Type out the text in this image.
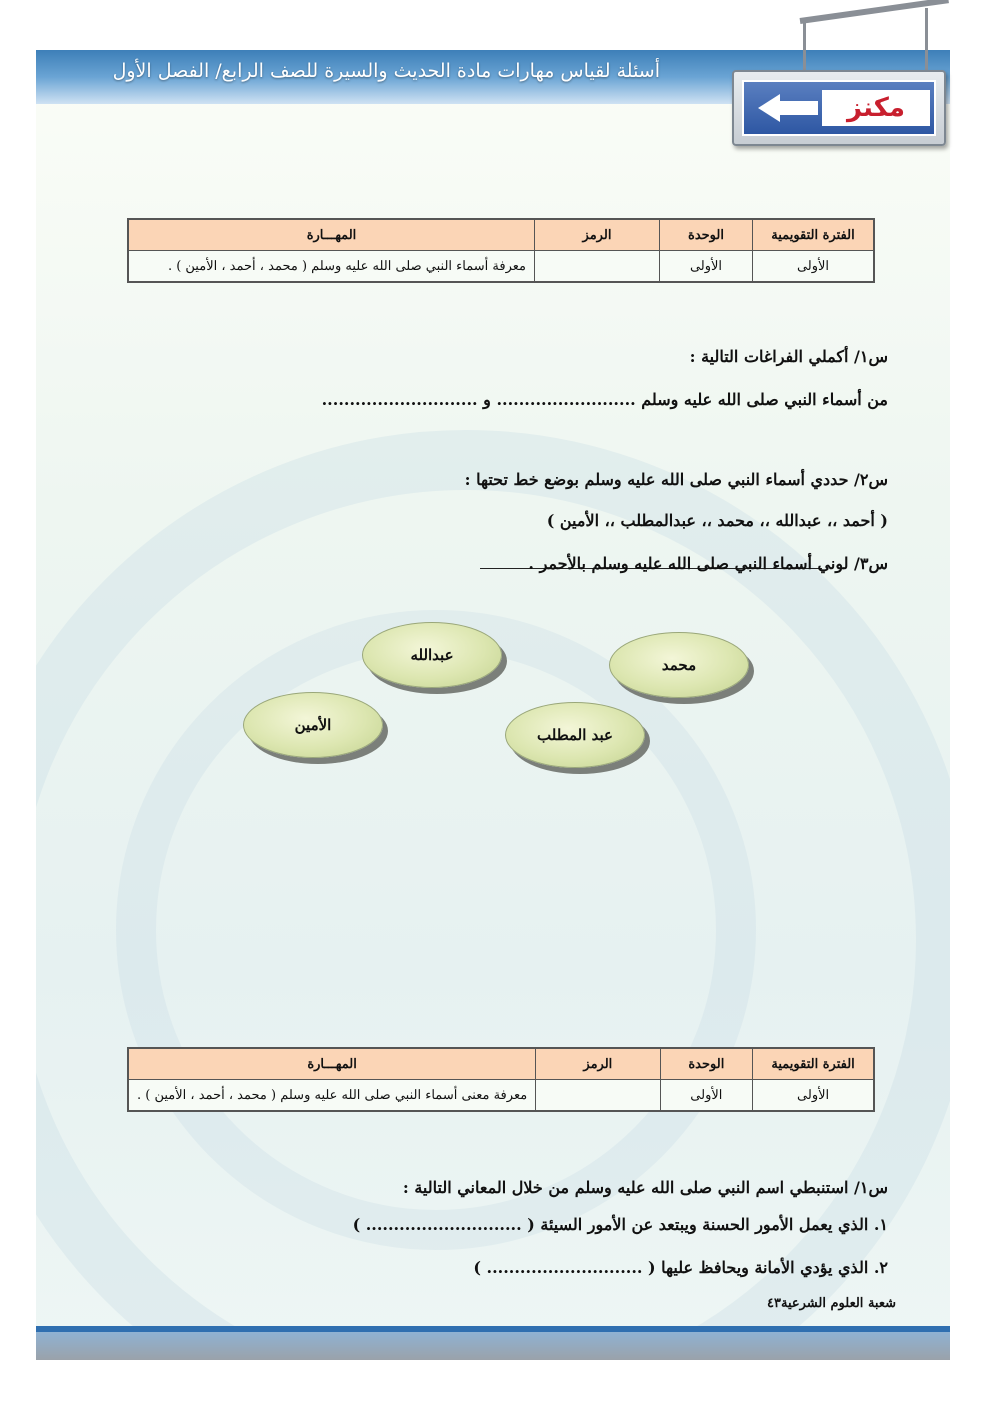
أسئلة لقياس مهارات مادة الحديث والسيرة للصف الرابع/ الفصل الأول
مكنز
الفترة التقويمية	الوحدة	الرمز	المهـــارة
الأولى	الأولى		معرفة أسماء النبي صلى الله عليه وسلم ( محمد ، أحمد ، الأمين ) .
س١/ أكملي الفراغات التالية :
من أسماء النبي صلى الله عليه وسلم ......................... و ............................
س٢/ حددي أسماء النبي صلى الله عليه وسلم بوضع خط تحتها :
( أحمد ،، عبدالله ،، محمد ،، عبدالمطلب ،، الأمين )
س٣/ لوني أسماء النبي صلى الله عليه وسلم بالأحمر .
عبدالله
محمد
الأمين
عبد المطلب
الفترة التقويمية	الوحدة	الرمز	المهـــارة
الأولى	الأولى		معرفة معنى أسماء النبي صلى الله عليه وسلم ( محمد ، أحمد ، الأمين ) .
س١/ استنبطي اسم النبي صلى الله عليه وسلم من خلال المعاني التالية :
١. الذي يعمل الأمور الحسنة ويبتعد عن الأمور السيئة ( ............................ )
٢. الذي يؤدي الأمانة ويحافظ عليها ( ............................ )
شعبة العلوم الشرعية٤٣
